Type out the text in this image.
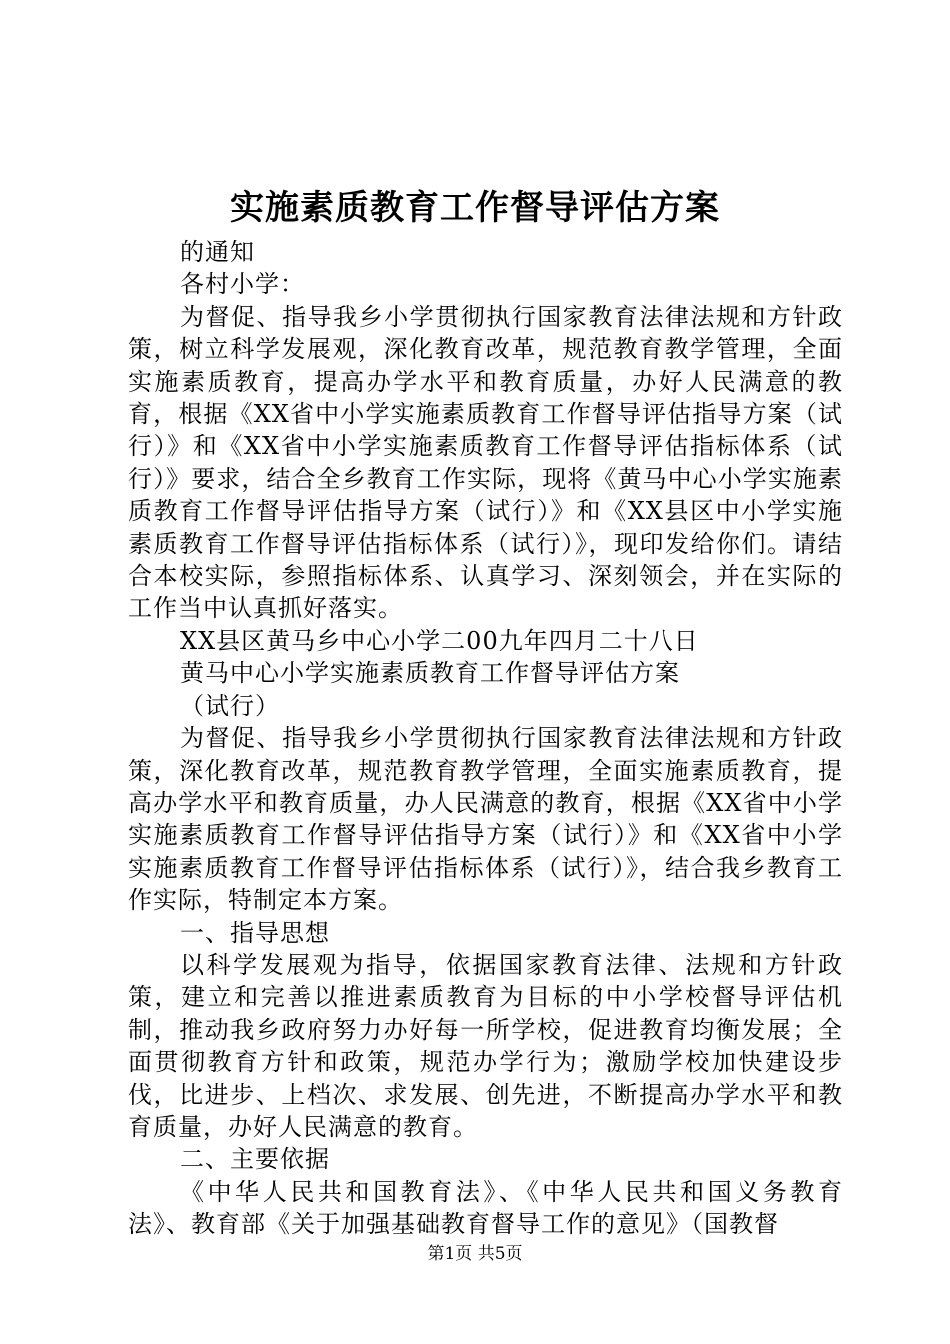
实施素质教育工作督导评估方案

的通知

各村小学：

为督促、指导我乡小学贯彻执行国家教育法律法规和方针政策，树立科学发展观，深化教育改革，规范教育教学管理，全面实施素质教育，提高办学水平和教育质量，办好人民满意的教育，根据《XX省中小学实施素质教育工作督导评估指导方案（试行）》和《XX省中小学实施素质教育工作督导评估指标体系（试行）》要求，结合全乡教育工作实际，现将《黄马中心小学实施素质教育工作督导评估指导方案（试行）》和《XX县区中小学实施素质教育工作督导评估指标体系（试行）》，现印发给你们。请结合本校实际，参照指标体系、认真学习、深刻领会，并在实际的工作当中认真抓好落实。

XX县区黄马乡中心小学二00九年四月二十八日

黄马中心小学实施素质教育工作督导评估方案

（试行）

为督促、指导我乡小学贯彻执行国家教育法律法规和方针政策，深化教育改革，规范教育教学管理，全面实施素质教育，提高办学水平和教育质量，办人民满意的教育，根据《XX省中小学实施素质教育工作督导评估指导方案（试行）》和《XX省中小学实施素质教育工作督导评估指标体系（试行）》，结合我乡教育工作实际，特制定本方案。

一、指导思想

以科学发展观为指导，依据国家教育法律、法规和方针政策，建立和完善以推进素质教育为目标的中小学校督导评估机制，推动我乡政府努力办好每一所学校，促进教育均衡发展；全面贯彻教育方针和政策，规范办学行为；激励学校加快建设步伐，比进步、上档次、求发展、创先进，不断提高办学水平和教育质量，办好人民满意的教育。

二、主要依据

《中华人民共和国教育法》、《中华人民共和国义务教育法》、教育部《关于加强基础教育督导工作的意见》（国教督

第1页 共5页
